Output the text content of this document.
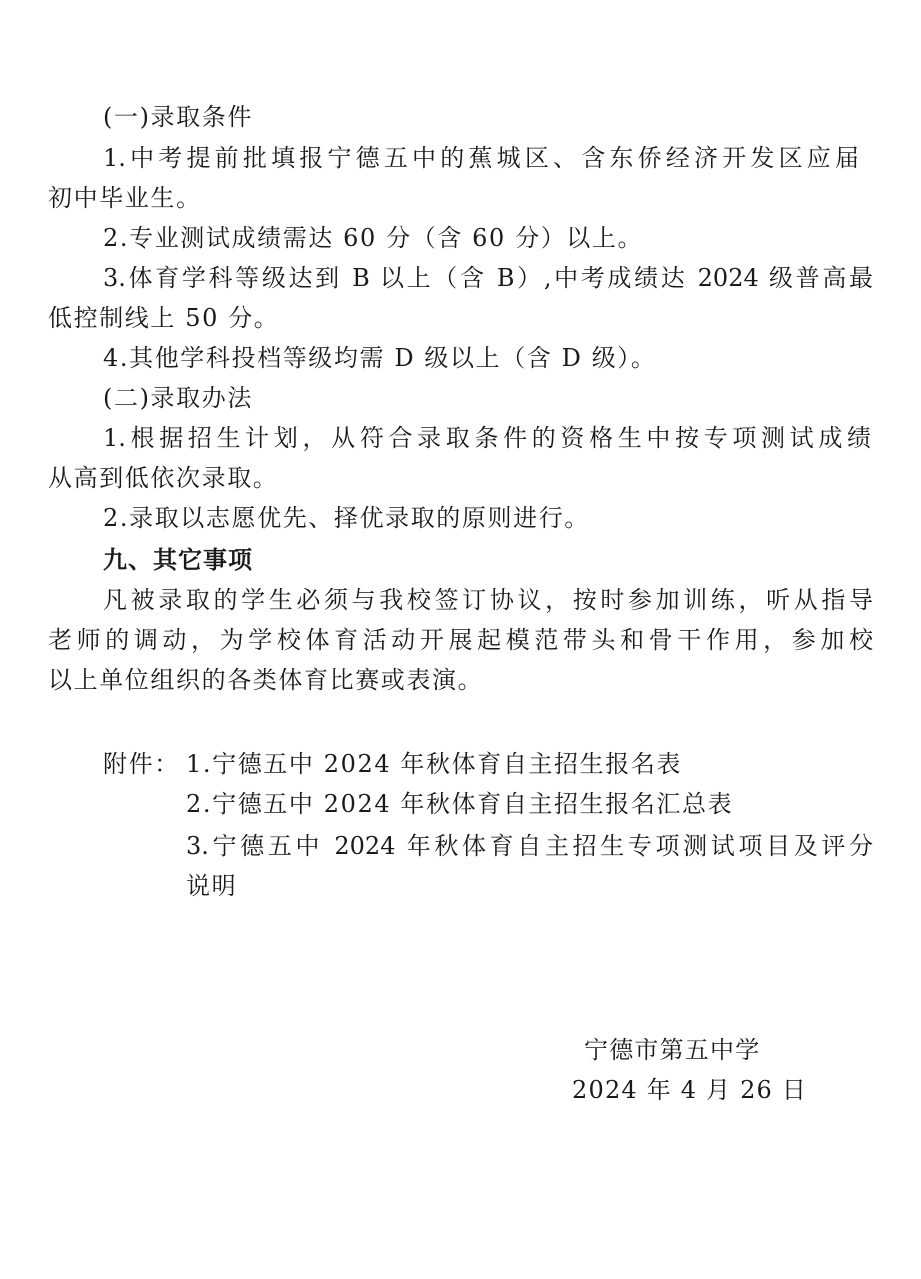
(一)录取条件
1.中考提前批填报宁德五中的蕉城区、含东侨经济开发区应届
初中毕业生。
2.专业测试成绩需达 60 分（含 60 分）以上。
3.体育学科等级达到 B 以上（含 B）,中考成绩达 2024 级普高最
低控制线上 50 分。
4.其他学科投档等级均需 D 级以上（含 D 级）。
(二)录取办法
1.根据招生计划，从符合录取条件的资格生中按专项测试成绩
从高到低依次录取。
2.录取以志愿优先、择优录取的原则进行。
九、其它事项
凡被录取的学生必须与我校签订协议，按时参加训练，听从指导
老师的调动，为学校体育活动开展起模范带头和骨干作用，参加校
以上单位组织的各类体育比赛或表演。
附件： 1.宁德五中 2024 年秋体育自主招生报名表
2.宁德五中 2024 年秋体育自主招生报名汇总表
3.宁德五中 2024 年秋体育自主招生专项测试项目及评分
说明
宁德市第五中学
2024 年 4 月 26 日
